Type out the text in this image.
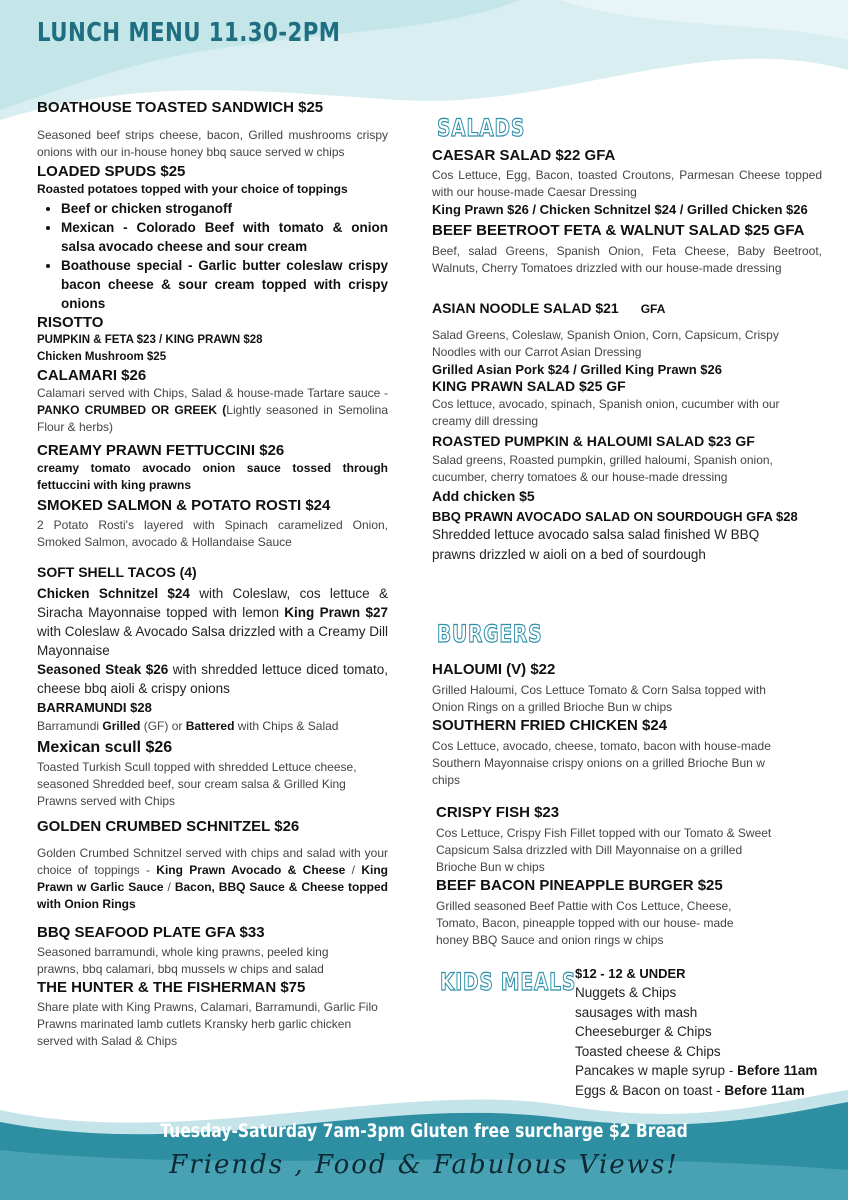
LUNCH MENU 11.30-2PM

BOATHOUSE TOASTED SANDWICH $25

Seasoned beef strips cheese, bacon, Grilled mushrooms crispy onions with our in-house honey bbq sauce served w chips

LOADED SPUDS $25

Roasted potatoes topped with your choice of toppings

• Beef or chicken stroganoff
• Mexican - Colorado Beef with tomato & onion salsa avocado cheese and sour cream
• Boathouse special - Garlic butter coleslaw crispy bacon cheese & sour cream topped with crispy onions

RISOTTO

PUMPKIN & FETA $23 / KING PRAWN $28

Chicken Mushroom $25

CALAMARI $26

Calamari served with Chips, Salad & house-made Tartare sauce - PANKO CRUMBED OR GREEK (Lightly seasoned in Semolina Flour & herbs)

CREAMY PRAWN FETTUCCINI $26

creamy tomato avocado onion sauce tossed through fettuccini with king prawns

SMOKED SALMON & POTATO ROSTI $24

2 Potato Rosti's layered with Spinach caramelized Onion, Smoked Salmon, avocado & Hollandaise Sauce

SOFT SHELL TACOS (4)

Chicken Schnitzel $24 with Coleslaw, cos lettuce & Siracha Mayonnaise topped with lemon King Prawn $27 with Coleslaw & Avocado Salsa drizzled with a Creamy Dill Mayonnaise

Seasoned Steak $26 with shredded lettuce diced tomato, cheese bbq aioli & crispy onions

BARRAMUNDI $28

Barramundi Grilled (GF) or Battered with Chips & Salad

Mexican scull $26

Toasted Turkish Scull topped with shredded Lettuce cheese, seasoned Shredded beef, sour cream salsa & Grilled King Prawns served with Chips

GOLDEN CRUMBED SCHNITZEL $26

Golden Crumbed Schnitzel served with chips and salad with your choice of toppings - King Prawn Avocado & Cheese / King Prawn w Garlic Sauce / Bacon, BBQ Sauce & Cheese topped with Onion Rings

BBQ SEAFOOD PLATE GFA $33

Seasoned barramundi, whole king prawns, peeled king prawns, bbq calamari, bbq mussels w chips and salad

THE HUNTER & THE FISHERMAN $75

Share plate with King Prawns, Calamari, Barramundi, Garlic Filo Prawns marinated lamb cutlets Kransky herb garlic chicken served with Salad & Chips

SALADS

CAESAR SALAD $22 GFA

Cos Lettuce, Egg, Bacon, toasted Croutons, Parmesan Cheese topped with our house-made Caesar Dressing

King Prawn $26 / Chicken Schnitzel $24 / Grilled Chicken $26

BEEF BEETROOT FETA & WALNUT SALAD $25 GFA

Beef, salad Greens, Spanish Onion, Feta Cheese, Baby Beetroot, Walnuts, Cherry Tomatoes drizzled with our house-made dressing

ASIAN NOODLE SALAD $21 GFA

Salad Greens, Coleslaw, Spanish Onion, Corn, Capsicum, Crispy Noodles with our Carrot Asian Dressing

Grilled Asian Pork $24 / Grilled King Prawn $26

KING PRAWN SALAD $25 GF

Cos lettuce, avocado, spinach, Spanish onion, cucumber with our creamy dill dressing

ROASTED PUMPKIN & HALOUMI SALAD $23 GF

Salad greens, Roasted pumpkin, grilled haloumi, Spanish onion, cucumber, cherry tomatoes & our house-made dressing

Add chicken $5

BBQ PRAWN AVOCADO SALAD ON SOURDOUGH GFA $28

Shredded lettuce avocado salsa salad finished W BBQ prawns drizzled w aioli on a bed of sourdough

BURGERS

HALOUMI (V) $22

Grilled Haloumi, Cos Lettuce Tomato & Corn Salsa topped with Onion Rings on a grilled Brioche Bun w chips

SOUTHERN FRIED CHICKEN $24

Cos Lettuce, avocado, cheese, tomato, bacon with house-made Southern Mayonnaise crispy onions on a grilled Brioche Bun w chips

CRISPY FISH $23

Cos Lettuce, Crispy Fish Fillet topped with our Tomato & Sweet Capsicum Salsa drizzled with Dill Mayonnaise on a grilled Brioche Bun w chips

BEEF BACON PINEAPPLE BURGER $25

Grilled seasoned Beef Pattie with Cos Lettuce, Cheese, Tomato, Bacon, pineapple topped with our house- made honey BBQ Sauce and onion rings w chips

KIDS MEALS

$12 - 12 & UNDER

Nuggets & Chips

sausages with mash

Cheeseburger & Chips

Toasted cheese & Chips

Pancakes w maple syrup - Before 11am

Eggs & Bacon on toast - Before 11am

Tuesday-Saturday 7am-3pm Gluten free surcharge $2 Bread
Friends , Food & Fabulous Views!
